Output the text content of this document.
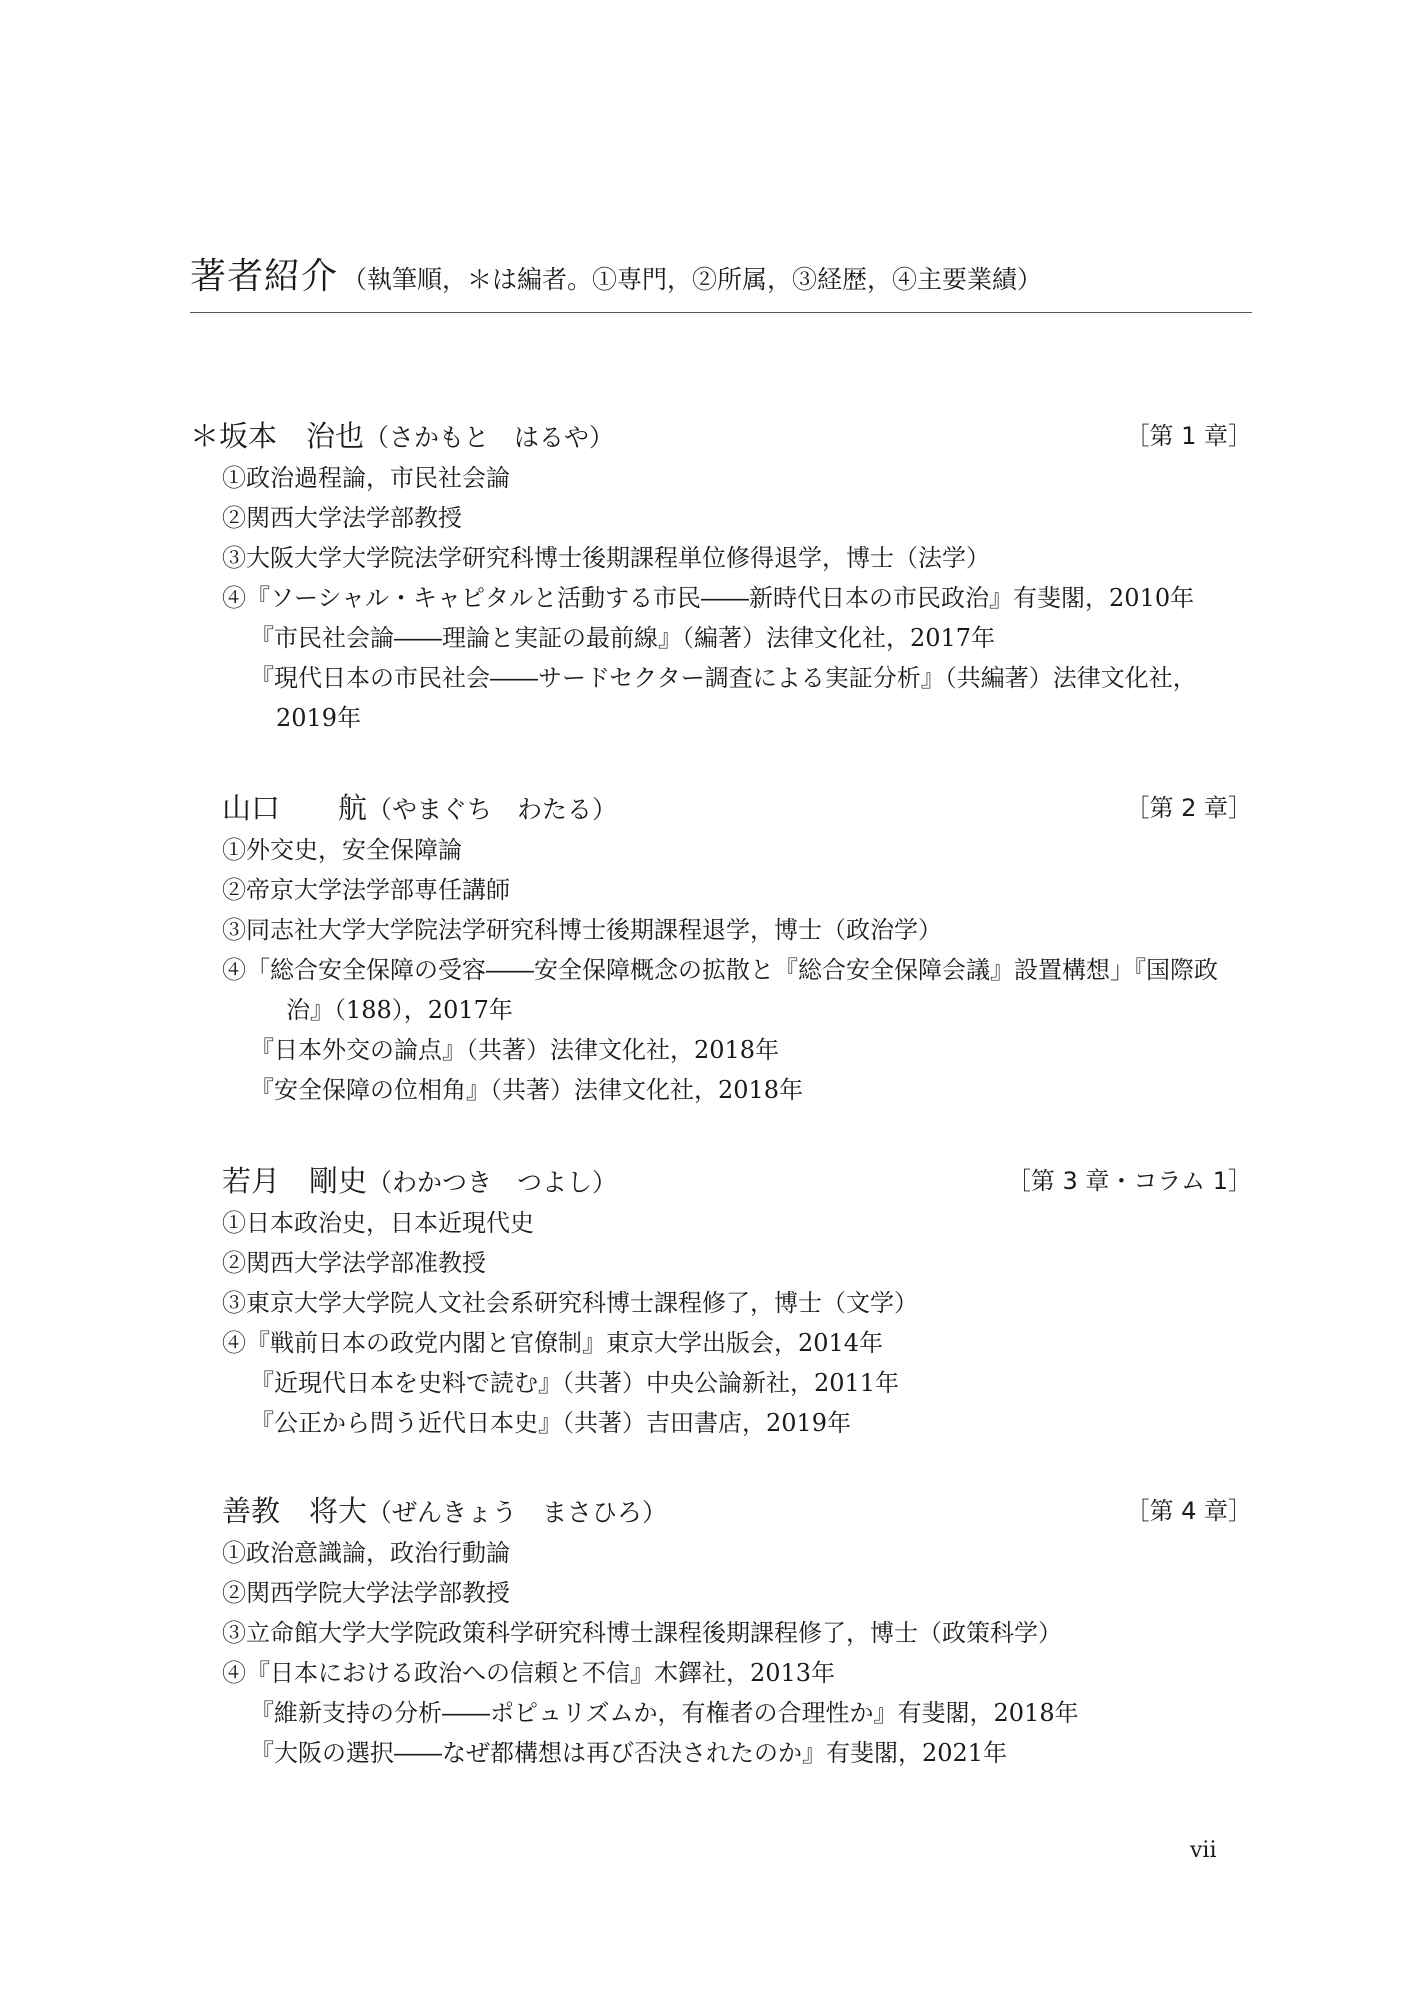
著者紹介 （執筆順，＊は編者。①専門，②所属，③経歴，④主要業績）
＊坂本　治也（さかもと　はるや）	［第 1 章］
①政治過程論，市民社会論
②関西大学法学部教授
③大阪大学大学院法学研究科博士後期課程単位修得退学，博士（法学）
④『ソーシャル・キャピタルと活動する市民――新時代日本の市民政治』有斐閣，2010年
『市民社会論――理論と実証の最前線』（編著）法律文化社，2017年
『現代日本の市民社会――サードセクター調査による実証分析』（共編著）法律文化社，
2019年
山口　　航（やまぐち　わたる）	［第 2 章］
①外交史，安全保障論
②帝京大学法学部専任講師
③同志社大学大学院法学研究科博士後期課程退学，博士（政治学）
④「総合安全保障の受容――安全保障概念の拡散と『総合安全保障会議』設置構想」『国際政
治』（188），2017年
『日本外交の論点』（共著）法律文化社，2018年
『安全保障の位相角』（共著）法律文化社，2018年
若月　剛史（わかつき　つよし）	［第 3 章・コラム 1］
①日本政治史，日本近現代史
②関西大学法学部准教授
③東京大学大学院人文社会系研究科博士課程修了，博士（文学）
④『戦前日本の政党内閣と官僚制』東京大学出版会，2014年
『近現代日本を史料で読む』（共著）中央公論新社，2011年
『公正から問う近代日本史』（共著）吉田書店，2019年
善教　将大（ぜんきょう　まさひろ）	［第 4 章］
①政治意識論，政治行動論
②関西学院大学法学部教授
③立命館大学大学院政策科学研究科博士課程後期課程修了，博士（政策科学）
④『日本における政治への信頼と不信』木鐸社，2013年
『維新支持の分析――ポピュリズムか，有権者の合理性か』有斐閣，2018年
『大阪の選択――なぜ都構想は再び否決されたのか』有斐閣，2021年
vii
